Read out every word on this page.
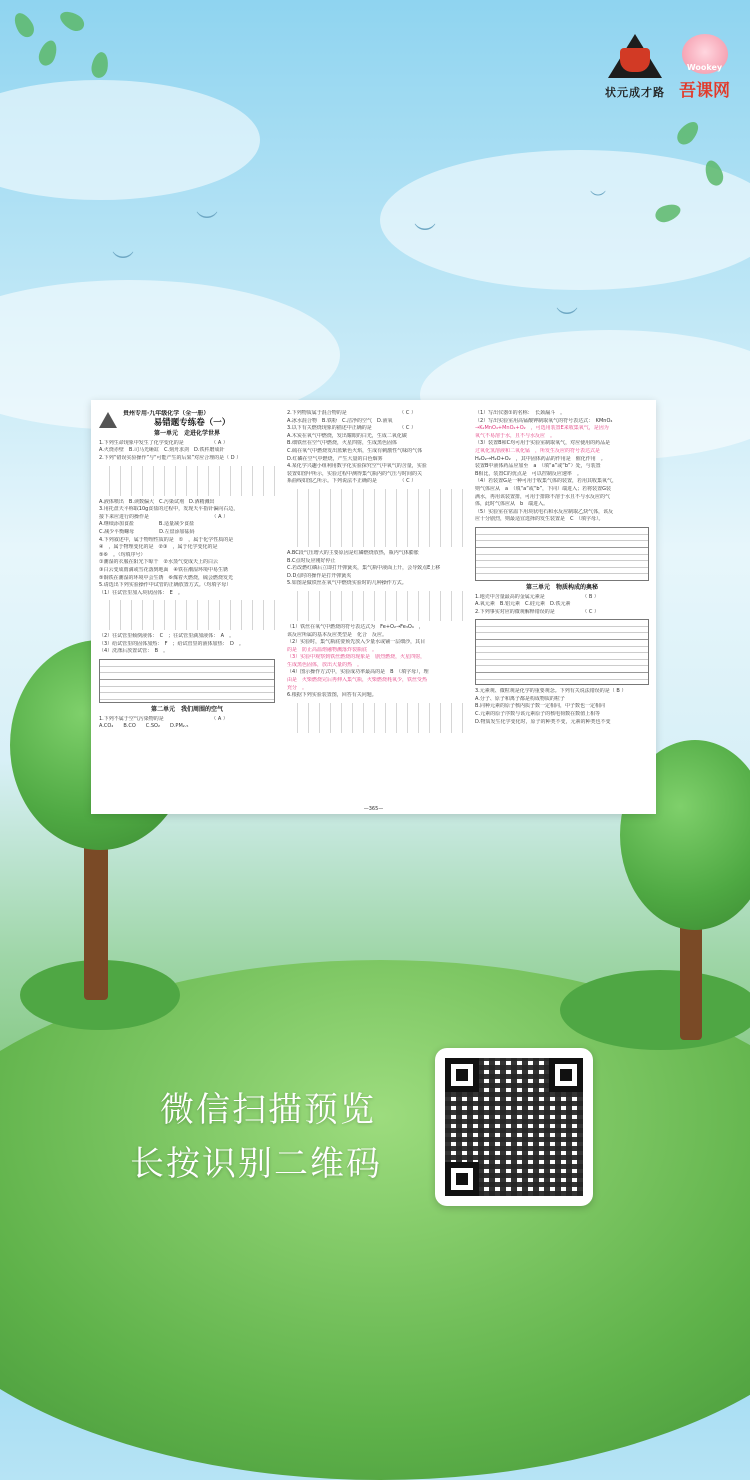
︶
︶
︶
︶
︶
状元成才路
Wookey
吾课网
贵州专用·九年级化学（全一册）
易错题专练卷（一）
第一单元　走进化学世界
1.下列生命现象中发生了化学变化的是　　　　　　（ A ）
A.火烧赤壁　B.司马光砸缸　C.刻舟求剑　D.铁杵磨成针
2.下列“错误实验操作”与“可能产生的后果”对应合理的是（ D ）
A.液体喷出　B.读数偏大　C.污染试剂　D.酒精溅出
3.用托盘天平称取10g食盐的过程中，发现天平指针偏向右边，
接下来应进行的操作是　　　　　　　　　　　　　（ A ）
A.继续添加食盐　　　　　B.适量减少食盐
C.减少平衡螺母　　　　　D.左盘添加砝码
4.下列叙述中，属于物理性质的是　①　，属于化学性质的是
④　，属于物理变化的是　②③　，属于化学变化的是
⑤⑥　。（均填序号）
①潮湿的衣服在阳光下晾干　②水蒸气变成天上的白云
③白云变成雨滴或雪花落到地面　④铁在潮湿环境中易生锈
⑤铜铁在潮湿的环境中会生锈　⑥煤着火燃烧，硫会燃烧发光
5.请选出下列实验操作中试管的正确放置方式。（均填字母）
（1）往试管里加入块状固体：　E　。
（2）往试管里倾倒液体：　C　；往试管里滴加液体：　A　。
（3）给试管里的固体加热：　F　；给试管里的液体加热：　D　。
（4）洗涤后放置试管：　B　。
第二单元　我们周围的空气
1.下列不属于空气污染物的是　　　　　　　　　　（ A ）
A.CO₂　　B.CO　　C.SO₂　　D.PM₂.₅
2.下列物质属于混合物的是　　　　　　　　　　　（ C ）
A.冰水混合物　B.铁粉　C.洁净的空气　D.液氧
3.以下有关燃烧现象的描述中正确的是　　　　　　（ C ）
A.木炭在氧气中燃烧，发出耀眼的白光，生成二氧化碳
B.细铁丝在空气中燃烧，火星四射，生成黑色固体
C.硫在氧气中燃烧发出蓝紫色火焰，生成有刺激性气味的气体
D.红磷在空气中燃烧，产生大量的白色烟雾
4.某化学兴趣小组利用数字化实验探究空气中氧气的含量，实验
装置如图甲所示，实验过程中测得集气瓶内的气压与时间的关
系曲线如图乙所示。下列说法不正确的是　　　　　（ C ）
A.BC段气压增大的主要原因是红磷燃烧放热，瓶内气体膨胀
B.C点时反应刚好停止
C.若改燃红磷后立即打开弹簧夹，集气瓶中液面上升，会导致点E上移
D.D点时的操作是打开弹簧夹
5.如图是做铁丝在氧气中燃烧实验时的几种操作方式。
（1）铁丝在氧气中燃烧的符号表达式为　Fe+O₂→Fe₃O₄　，
该反应所属的基本反应类型是　化合　反应。
（2）实验时，集气瓶底要预先放入少量水或铺一层细沙，其目
的是　防止高温熔融物溅落炸裂瓶底　。
（3）实验中观察到铁丝燃烧的现象是　剧烈燃烧，火星四射，
生成黑色固体，放出大量的热　。
（4）图示操作方式中，实验成功率最高的是　B　（填字母），理
由是　火柴燃烧完后再伸入集气瓶，火柴燃烧耗氧少，铁丝受热
充分　。
6.根据下列实验装置图，回答有关问题。
（1）写出仪器①的名称：　长颈漏斗　。
（2）写出实验室用高锰酸钾制取氧气的符号表达式：　KMnO₄
→K₂MnO₄+MnO₂+O₂　，可选用装置E来收集氧气，是因为
氧气不易溶于水，且不与水反应　。
（3）装置B和C均可用于实验室制取氧气，对应使用的药品是
过氧化氢溶液和二氧化锰　，所发生反应的符号表达式是
H₂O₂→H₂O+O₂　，其中固体药品的作用是　催化作用　。
装置B中液体药品应加至　a　（填“a”或“b”）处，与装置
B相比，装置C的优点是　可以控制反应速率　。
（4）若装置G是一种可用于收集气体的装置，若用其收集氧气，
则气体应从　a　（填“a”或“b”，下同）端进入；若将装置G装
满水，再用该装置排，可用于排除不溶于水且不与水反应的气
体，此时气体应从　b　端进入。
（5）实验室在常温下用块状电石和水反应制取乙炔气体，该反
应十分剧烈，则最适宜选择的发生装置是　C　（填字母）。
第三单元　物质构成的奥秘
1.地壳中含量最高的金属元素是　　　　　　　　（ B ）
A.氧元素　B.铝元素　C.硅元素　D.铁元素
2.下列事实对应的微观解释错误的是　　　　　　（ C ）
3.元素观、微粒观是化学的重要观念。下列有关说法错误的是（ B ）
A.分子、原子和离子都是构成物质的粒子
B.同种元素的原子核内质子数一定相同，中子数也一定相同
C.元素的原子序数与该元素原子的核电荷数在数值上相等
D.物质发生化学变化时，原子的种类不变，元素的种类也不变
—365—
微信扫描预览
长按识别二维码
